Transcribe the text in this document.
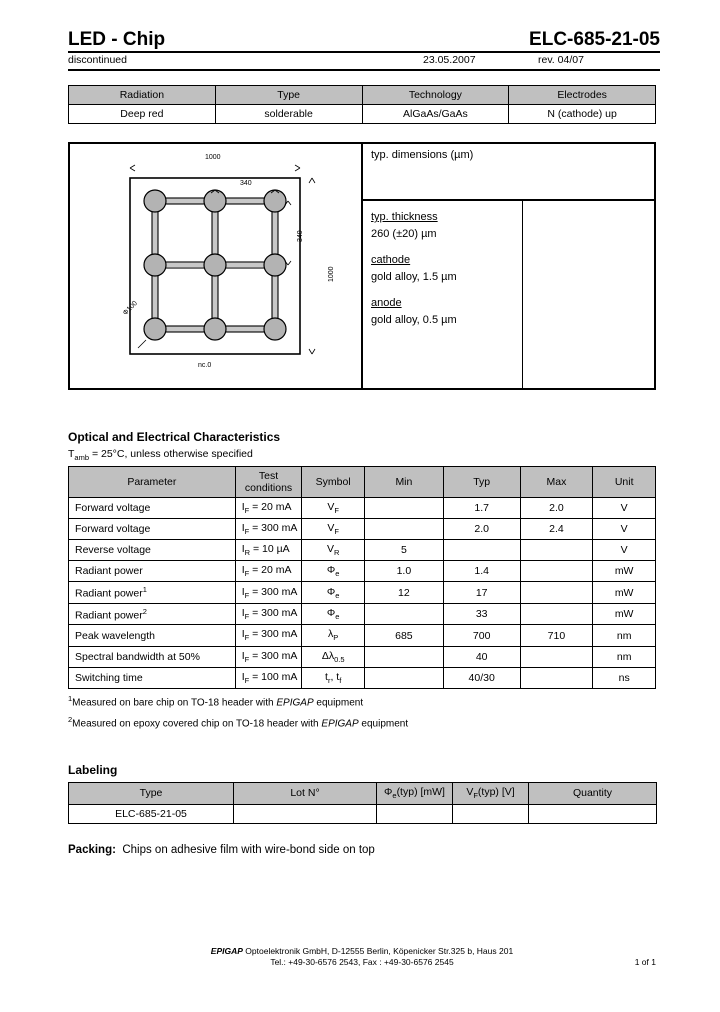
LED - Chip	ELC-685-21-05
discontinued	23.05.2007	rev. 04/07
Radiation	Type	Technology	Electrodes
Deep red	solderable	AlGaAs/GaAs	N (cathode) up
1000
1000
340
340
Ф100
nc.0
typ. dimensions (µm)
typ. thickness
260 (±20) µm
cathode
gold alloy, 1.5 µm
anode
gold alloy, 0.5 µm
Optical and Electrical Characteristics
$T_{amb} = 25^\circ C$, unless otherwise specified
Parameter	Test conditions	Symbol	Min	Typ	Max	Unit
Forward voltage	$I_F = 20$ mA	$V_F$		1.7	2.0	V
Forward voltage	$I_F = 300$ mA	$V_F$		2.0	2.4	V
Reverse voltage	$I_R = 10$ µA	$V_R$	5			V
Radiant power	$I_F = 20$ mA	$\Phi_e$	1.0	1.4		mW
Radiant power$^1$	$I_F = 300$ mA	$\Phi_e$	12	17		mW
Radiant power$^2$	$I_F = 300$ mA	$\Phi_e$		33		mW
Peak wavelength	$I_F = 300$ mA	$\lambda_P$	685	700	710	nm
Spectral bandwidth at 50%	$I_F = 300$ mA	$\Delta\lambda_{0.5}$		40		nm
Switching time	$I_F = 100$ mA	$t_r$, $t_f$		40/30		ns
$^1$Measured on bare chip on TO-18 header with EPIGAP equipment
$^2$Measured on epoxy covered chip on TO-18 header with EPIGAP equipment
Labeling
Type	Lot N°	$\Phi_e(typ)$ [mW]	$V_F(typ)$ [V]	Quantity
ELC-685-21-05				
Packing: Chips on adhesive film with wire-bond side on top
EPIGAP Optoelektronik GmbH, D-12555 Berlin, Köpenicker Str.325 b, Haus 201
Tel.: +49-30-6576 2543, Fax : +49-30-6576 2545	1 of 1
